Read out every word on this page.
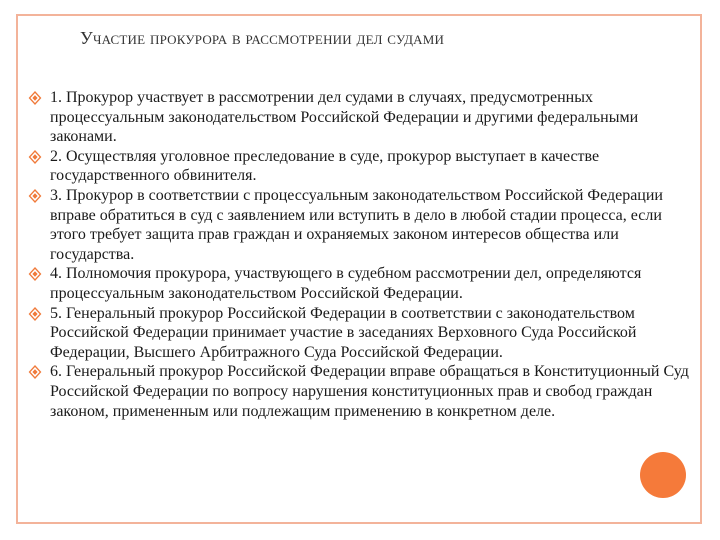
Участие прокурора в рассмотрении дел судами
1. Прокурор участвует в рассмотрении дел судами в случаях, предусмотренных процессуальным законодательством Российской Федерации и другими федеральными законами.
2. Осуществляя уголовное преследование в суде, прокурор выступает в качестве государственного обвинителя.
3. Прокурор в соответствии с процессуальным законодательством Российской Федерации вправе обратиться в суд с заявлением или вступить в дело в любой стадии процесса, если этого требует защита прав граждан и охраняемых законом интересов общества или государства.
4. Полномочия прокурора, участвующего в судебном рассмотрении дел, определяются процессуальным законодательством Российской Федерации.
5. Генеральный прокурор Российской Федерации в соответствии с законодательством Российской Федерации принимает участие в заседаниях Верховного Суда Российской Федерации, Высшего Арбитражного Суда Российской Федерации.
6. Генеральный прокурор Российской Федерации вправе обращаться в Конституционный Суд Российской Федерации по вопросу нарушения конституционных прав и свобод граждан законом, примененным или подлежащим применению в конкретном деле.
